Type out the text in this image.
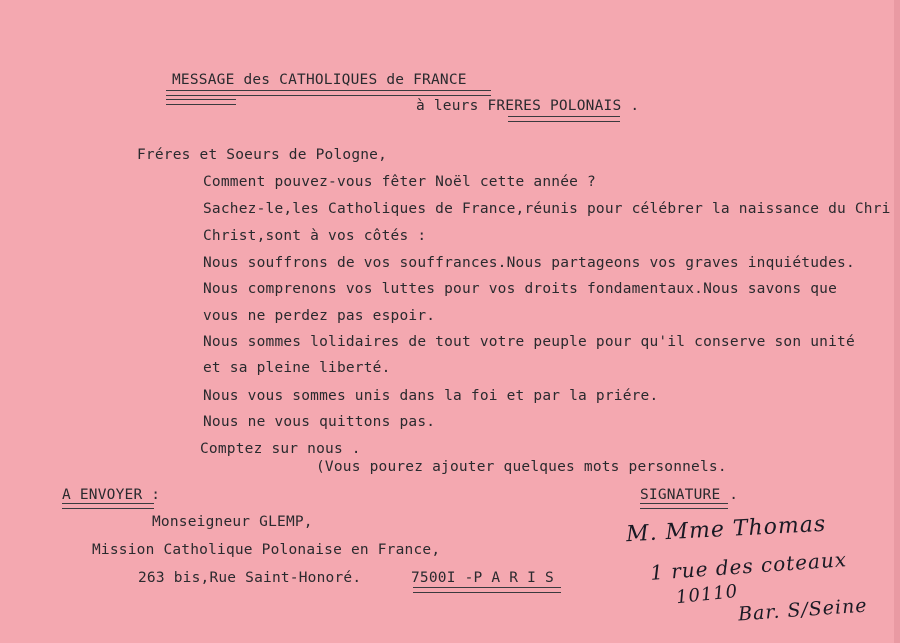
MESSAGE des CATHOLIQUES de FRANCE
à leurs FRERES POLONAIS .
Fréres et Soeurs de Pologne,
Comment pouvez-vous fêter Noël cette année ?
Sachez-le,les Catholiques de France,réunis pour célébrer la naissance du Chri
Christ,sont à vos côtés :
Nous souffrons de vos souffrances.Nous partageons vos graves inquiétudes.
Nous comprenons vos luttes pour vos droits fondamentaux.Nous savons que
vous ne perdez pas espoir.
Nous sommes lolidaires de tout votre peuple pour qu'il conserve son unité
et sa pleine liberté.
Nous vous sommes unis dans la foi et par la priére.
Nous ne vous quittons pas.
Comptez sur nous .
(Vous pourez ajouter quelques mots personnels.
A ENVOYER :
Monseigneur GLEMP,
Mission Catholique Polonaise en France,
263 bis,Rue Saint-Honoré.	7500I -P A R I S
SIGNATURE .
M. Mme Thomas
1 rue des coteaux
10110
Bar. S/Seine
